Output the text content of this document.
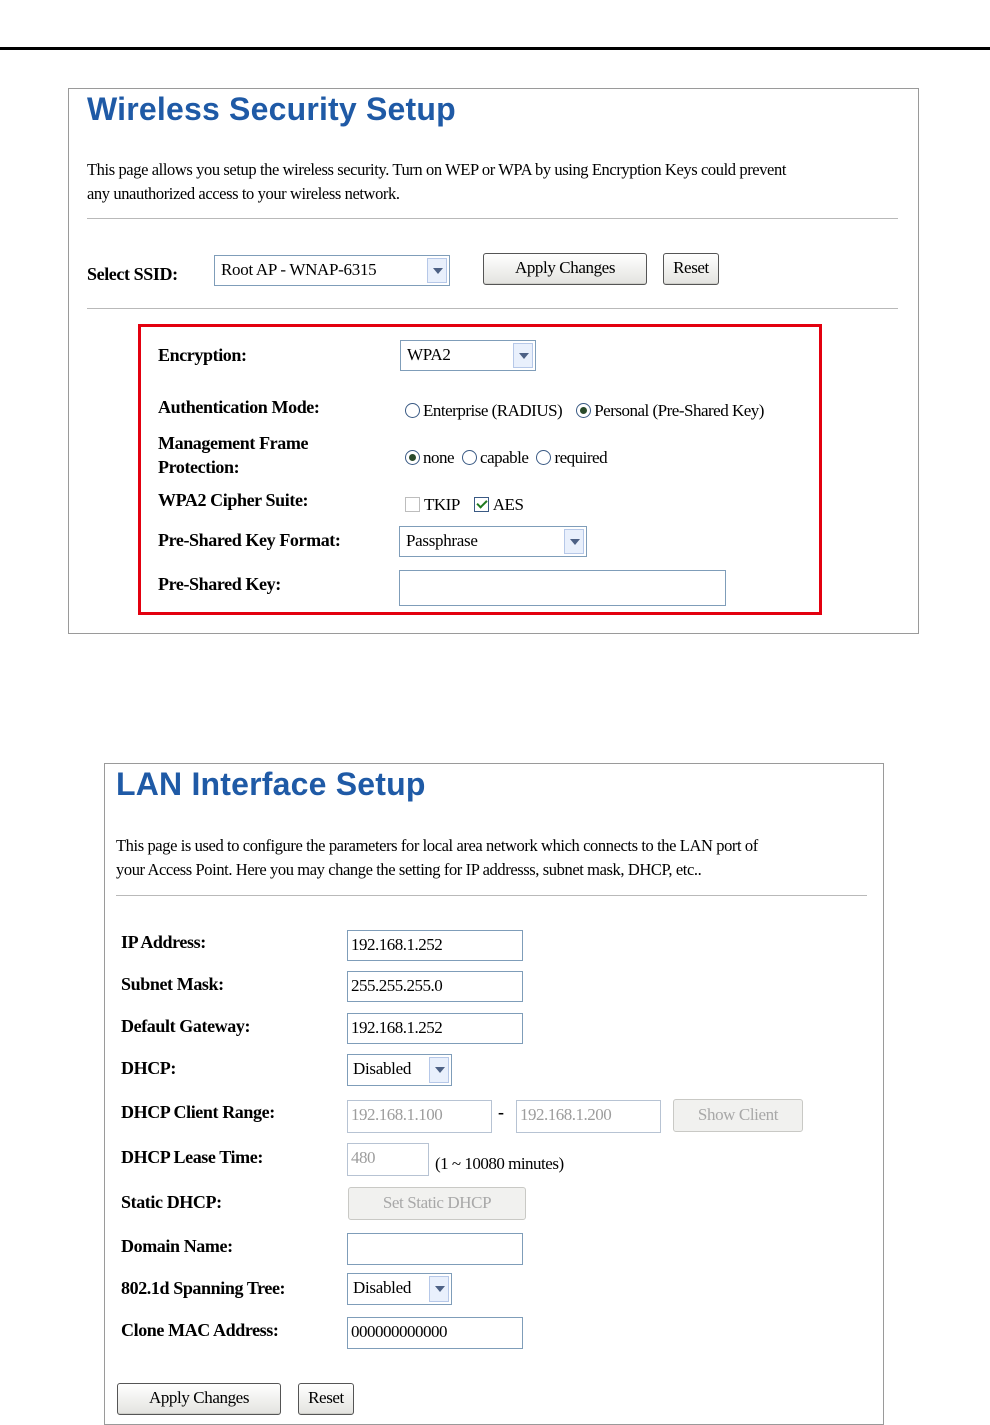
Wireless Security Setup
This page allows you setup the wireless security. Turn on WEP or WPA by using Encryption Keys could prevent
any unauthorized access to your wireless network.
Select SSID:	Root AP - WNAP-6315	Apply Changes	Reset
Encryption:	WPA2
Authentication Mode:	Enterprise (RADIUS) Personal (Pre-Shared Key)
Management Frame
Protection:	none capable required
WPA2 Cipher Suite:	TKIP AES
Pre-Shared Key Format:	Passphrase
Pre-Shared Key:
LAN Interface Setup
This page is used to configure the parameters for local area network which connects to the LAN port of
your Access Point. Here you may change the setting for IP addresss, subnet mask, DHCP, etc..
IP Address:	192.168.1.252
Subnet Mask:	255.255.255.0
Default Gateway:	192.168.1.252
DHCP:	Disabled
DHCP Client Range:	192.168.1.100	- 192.168.1.200	Show Client
DHCP Lease Time:	480	(1 ~ 10080 minutes)
Static DHCP:	Set Static DHCP
Domain Name:
802.1d Spanning Tree:	Disabled
Clone MAC Address:	000000000000
Apply Changes	Reset
